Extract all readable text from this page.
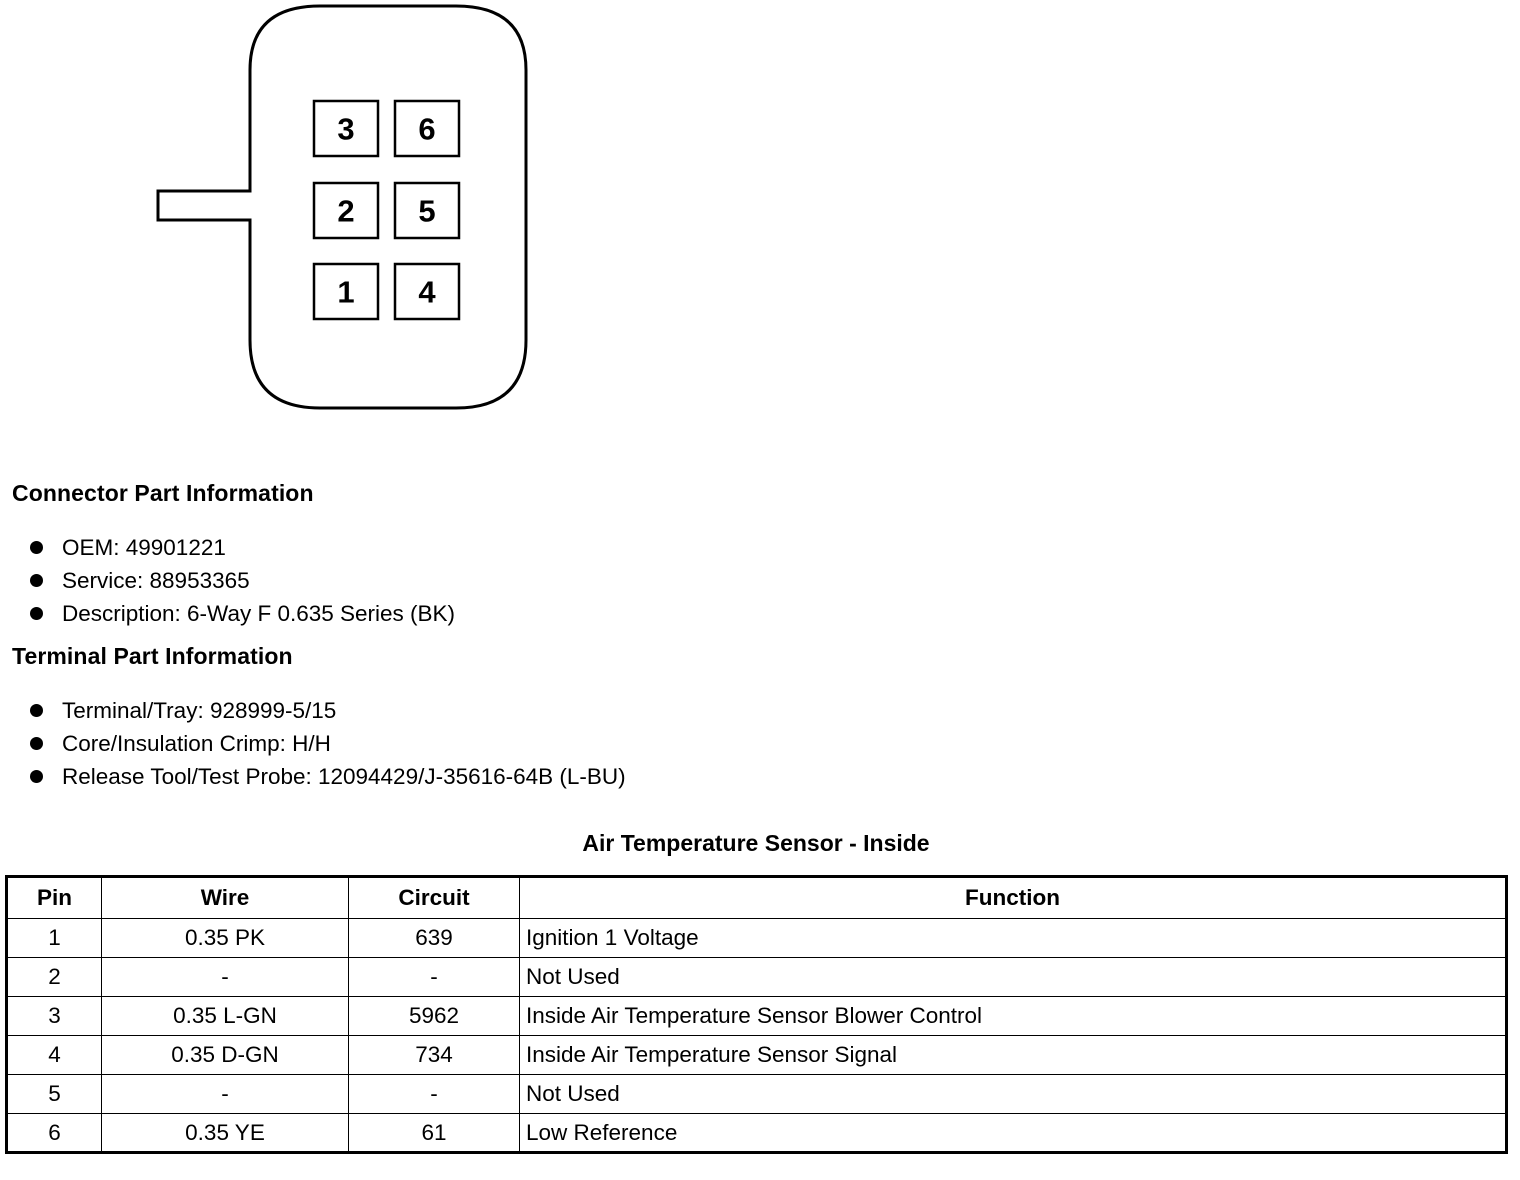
3 6
2 5
1 4
Connector Part Information
OEM: 49901221
Service: 88953365
Description: 6-Way F 0.635 Series (BK)
Terminal Part Information
Terminal/Tray: 928999-5/15
Core/Insulation Crimp: H/H
Release Tool/Test Probe: 12094429/J-35616-64B (L-BU)
Air Temperature Sensor - Inside
Pin	Wire	Circuit	Function
1	0.35 PK	639	Ignition 1 Voltage
2	-	-	Not Used
3	0.35 L-GN	5962	Inside Air Temperature Sensor Blower Control
4	0.35 D-GN	734	Inside Air Temperature Sensor Signal
5	-	-	Not Used
6	0.35 YE	61	Low Reference
